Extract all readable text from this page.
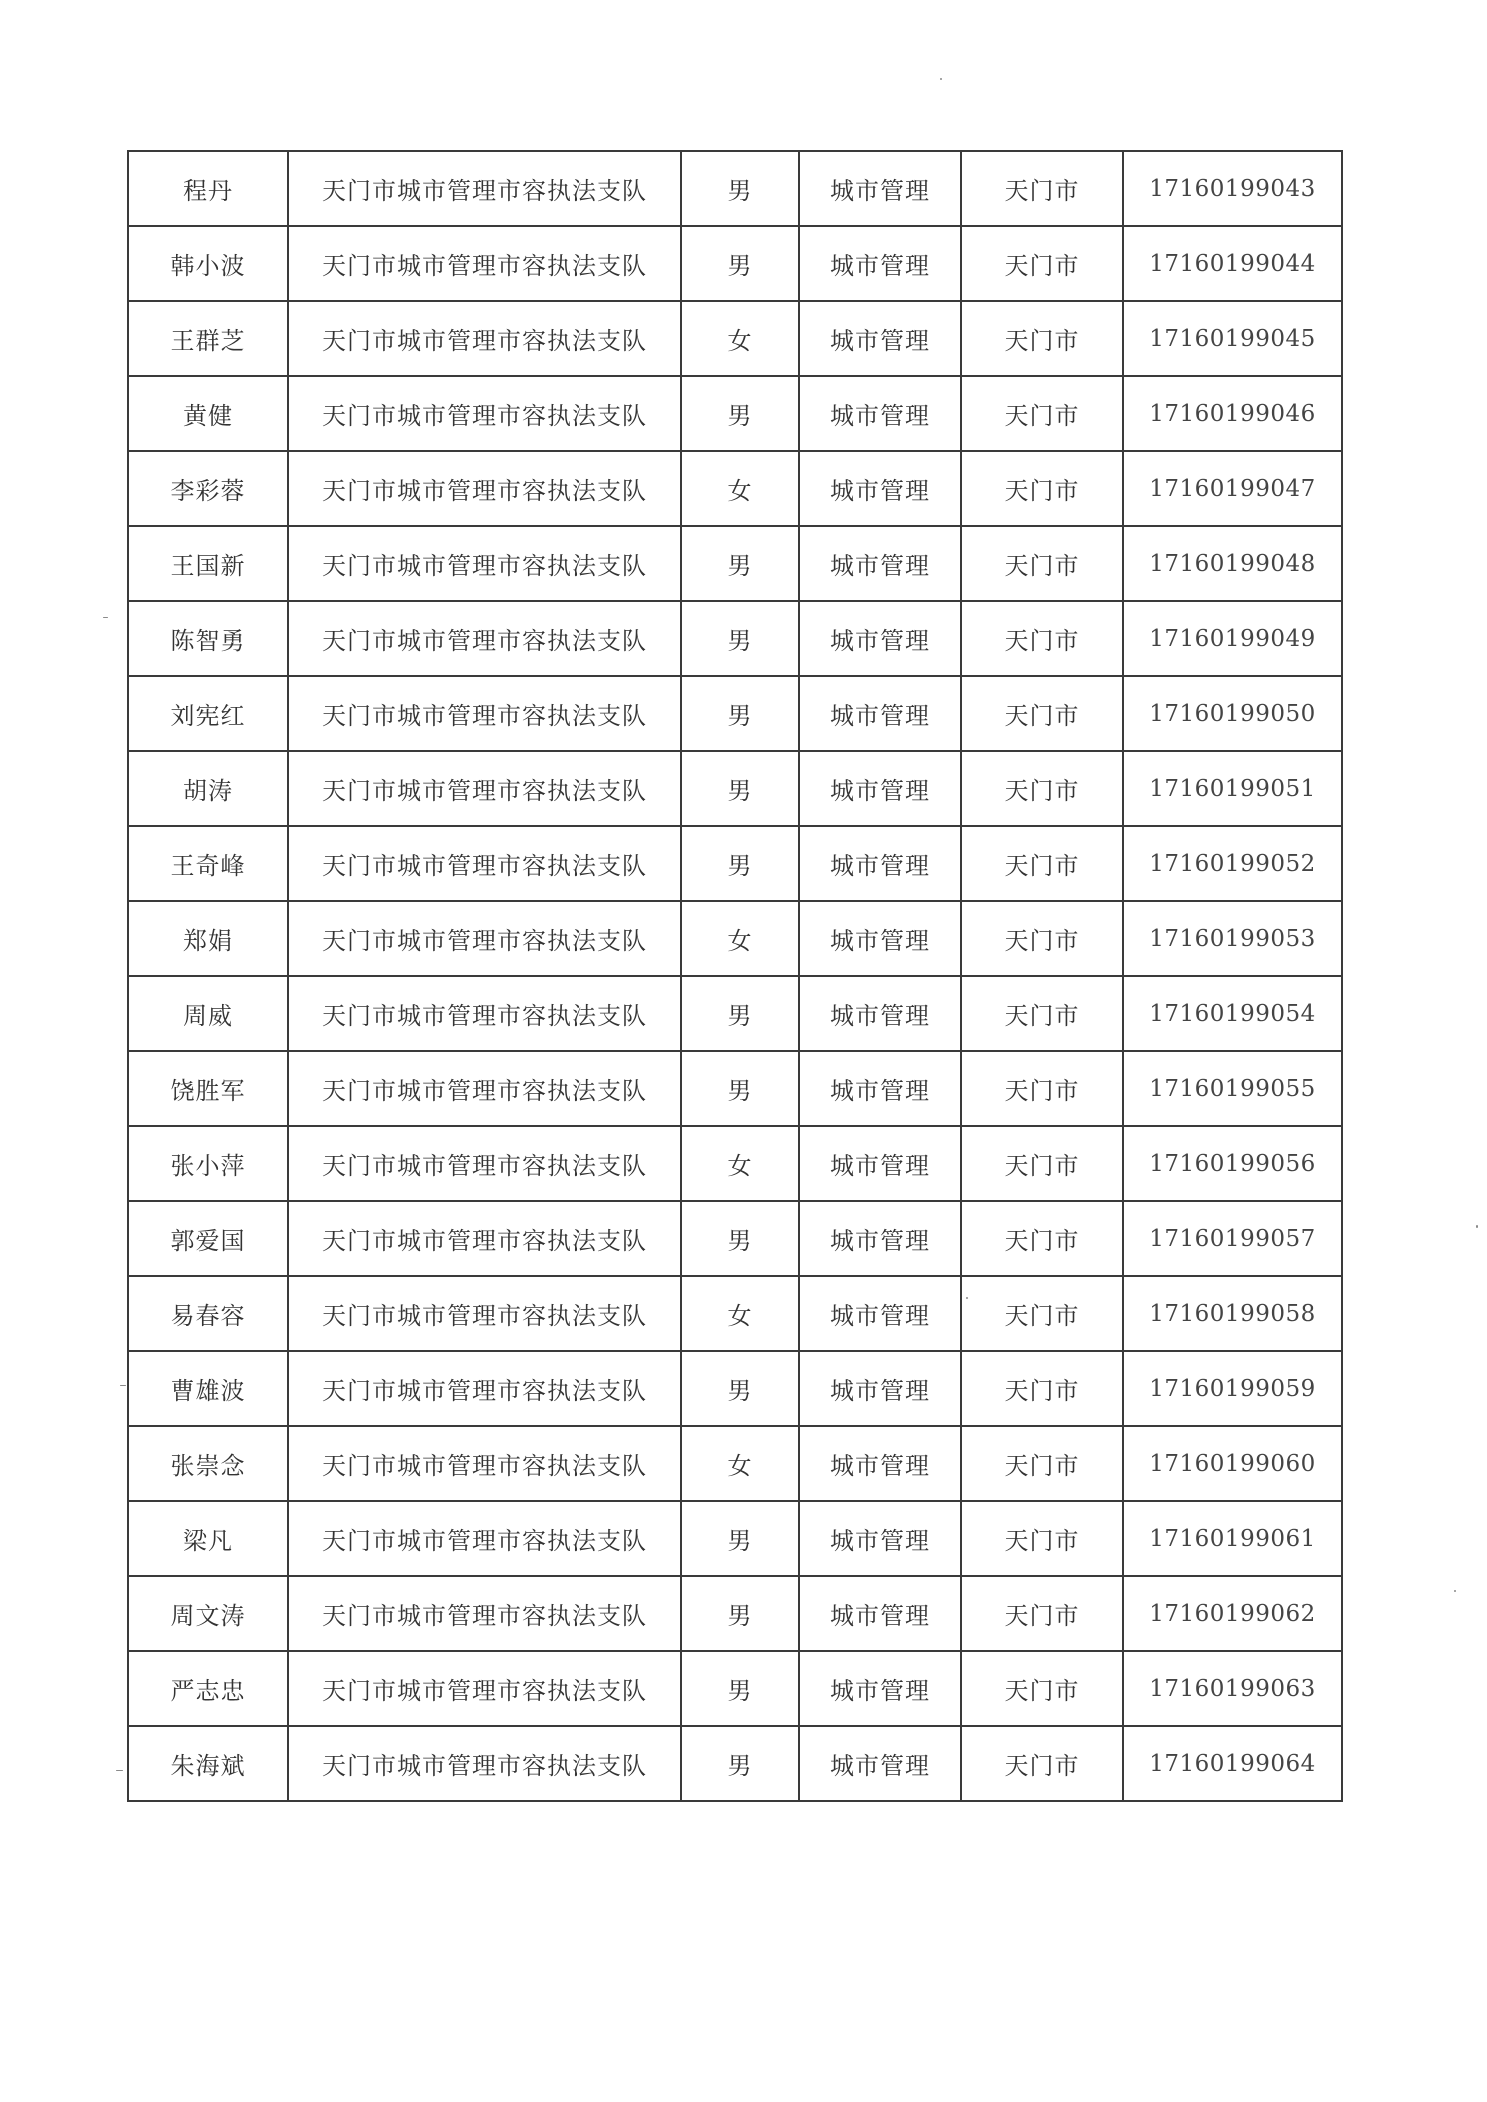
程丹	天门市城市管理市容执法支队	男	城市管理	天门市	17160199043
韩小波	天门市城市管理市容执法支队	男	城市管理	天门市	17160199044
王群芝	天门市城市管理市容执法支队	女	城市管理	天门市	17160199045
黄健	天门市城市管理市容执法支队	男	城市管理	天门市	17160199046
李彩蓉	天门市城市管理市容执法支队	女	城市管理	天门市	17160199047
王国新	天门市城市管理市容执法支队	男	城市管理	天门市	17160199048
陈智勇	天门市城市管理市容执法支队	男	城市管理	天门市	17160199049
刘宪红	天门市城市管理市容执法支队	男	城市管理	天门市	17160199050
胡涛	天门市城市管理市容执法支队	男	城市管理	天门市	17160199051
王奇峰	天门市城市管理市容执法支队	男	城市管理	天门市	17160199052
郑娟	天门市城市管理市容执法支队	女	城市管理	天门市	17160199053
周威	天门市城市管理市容执法支队	男	城市管理	天门市	17160199054
饶胜军	天门市城市管理市容执法支队	男	城市管理	天门市	17160199055
张小萍	天门市城市管理市容执法支队	女	城市管理	天门市	17160199056
郭爱国	天门市城市管理市容执法支队	男	城市管理	天门市	17160199057
易春容	天门市城市管理市容执法支队	女	城市管理	天门市	17160199058
曹雄波	天门市城市管理市容执法支队	男	城市管理	天门市	17160199059
张崇念	天门市城市管理市容执法支队	女	城市管理	天门市	17160199060
梁凡	天门市城市管理市容执法支队	男	城市管理	天门市	17160199061
周文涛	天门市城市管理市容执法支队	男	城市管理	天门市	17160199062
严志忠	天门市城市管理市容执法支队	男	城市管理	天门市	17160199063
朱海斌	天门市城市管理市容执法支队	男	城市管理	天门市	17160199064
